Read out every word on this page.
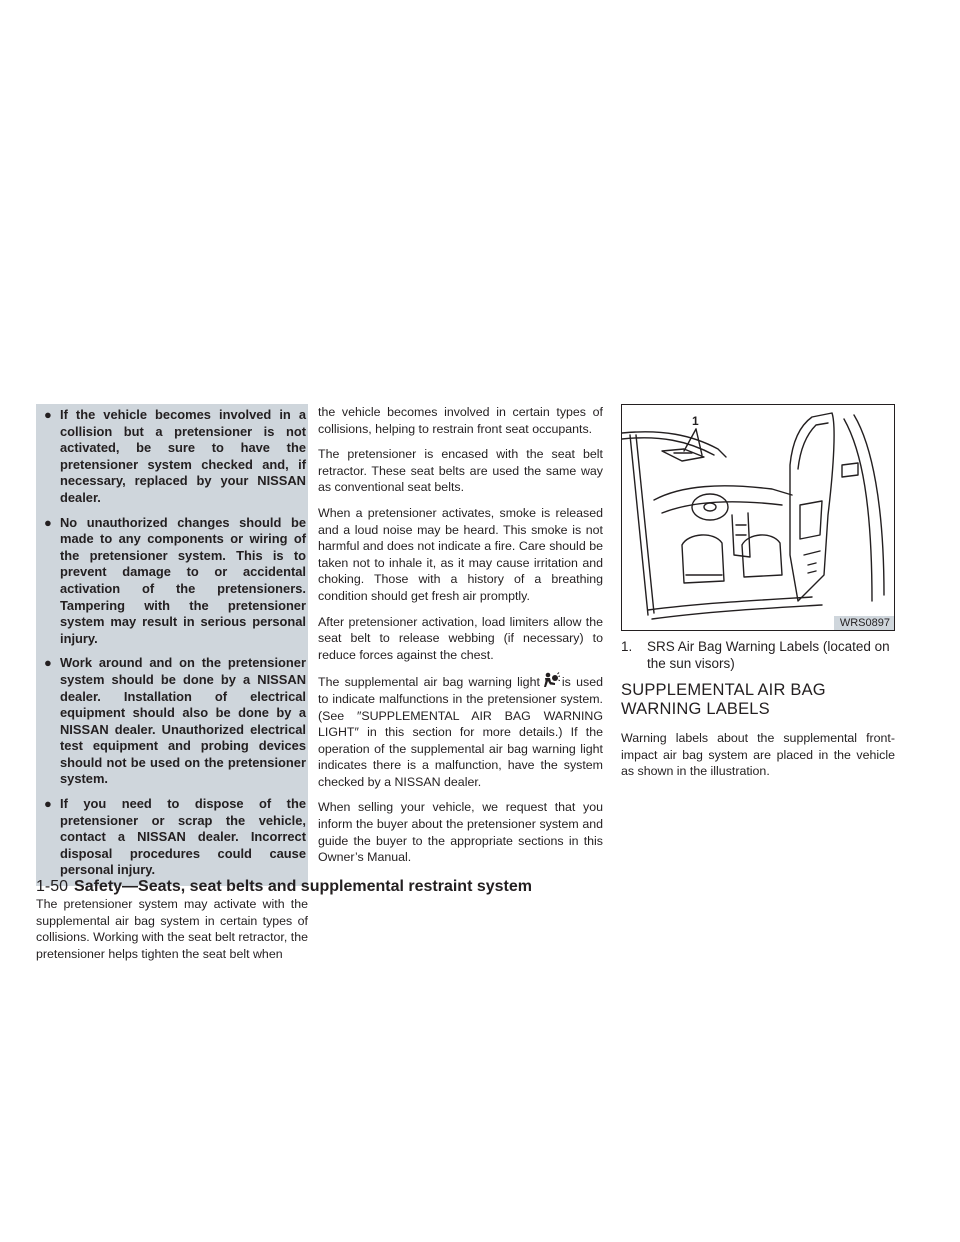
● If the vehicle becomes involved in a collision but a pretensioner is not activated, be sure to have the pretensioner system checked and, if necessary, replaced by your NISSAN dealer.
● No unauthorized changes should be made to any components or wiring of the pretensioner system. This is to prevent damage to or accidental activation of the pretensioners. Tampering with the pretensioner system may result in serious personal injury.
● Work around and on the pretensioner system should be done by a NISSAN dealer. Installation of electrical equipment should also be done by a NISSAN dealer. Unauthorized electrical test equipment and probing devices should not be used on the pretensioner system.
● If you need to dispose of the pretensioner or scrap the vehicle, contact a NISSAN dealer. Incorrect disposal procedures could cause personal injury.

The pretensioner system may activate with the supplemental air bag system in certain types of collisions. Working with the seat belt retractor, the pretensioner helps tighten the seat belt when

the vehicle becomes involved in certain types of collisions, helping to restrain front seat occupants.

The pretensioner is encased with the seat belt retractor. These seat belts are used the same way as conventional seat belts.

When a pretensioner activates, smoke is released and a loud noise may be heard. This smoke is not harmful and does not indicate a fire. Care should be taken not to inhale it, as it may cause irritation and choking. Those with a history of a breathing condition should get fresh air promptly.

After pretensioner activation, load limiters allow the seat belt to release webbing (if necessary) to reduce forces against the chest.

The supplemental air bag warning light is used to indicate malfunctions in the pretensioner system. (See ″SUPPLEMENTAL AIR BAG WARNING LIGHT″ in this section for more details.) If the operation of the supplemental air bag warning light indicates there is a malfunction, have the system checked by a NISSAN dealer.

When selling your vehicle, we request that you inform the buyer about the pretensioner system and guide the buyer to the appropriate sections in this Owner’s Manual.

1
WRS0897
1. SRS Air Bag Warning Labels (located on the sun visors)
SUPPLEMENTAL AIR BAG WARNING LABELS

Warning labels about the supplemental front-impact air bag system are placed in the vehicle as shown in the illustration.

1-50 Safety—Seats, seat belts and supplemental restraint system
